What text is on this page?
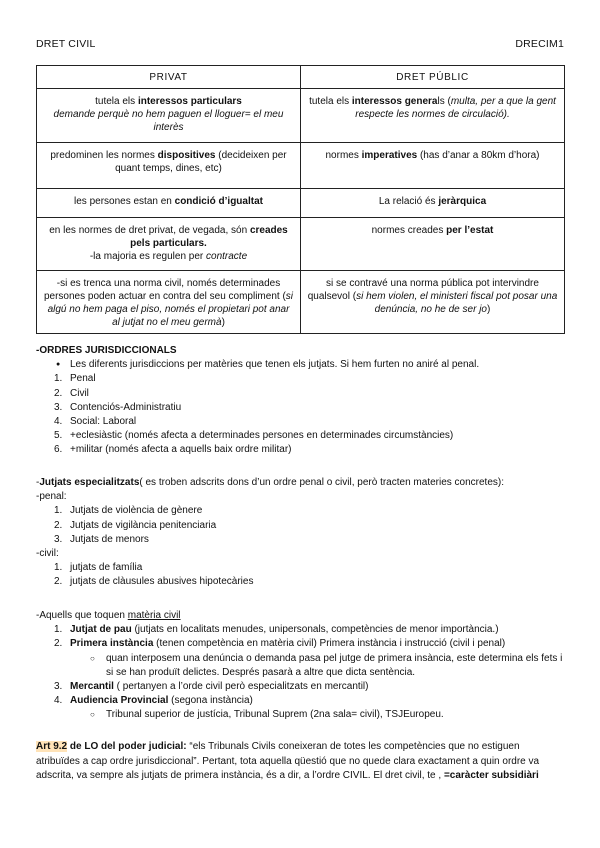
DRET CIVIL	DRECIM1
PRIVAT	DRET PÚBLIC
tutela els interessos particulars
demande perquè no hem paguen el lloguer= el meu interès	tutela els interessos generals (multa, per a que la gent respecte les normes de circulació).
predominen les normes dispositives (decideixen per quant temps, dines, etc)	normes imperatives (has d’anar a 80km d’hora)
les persones estan en condició d’igualtat	La relació és jeràrquica
en les normes de dret privat, de vegada, són creades pels particulars.
-la majoria es regulen per contracte	normes creades per l’estat
-si es trenca una norma civil, només determinades persones poden actuar en contra del seu compliment (si algú no hem paga el piso, només el propietari pot anar al jutjat no el meu germà)	si se contravé una norma pública pot intervindre qualsevol (si hem violen, el ministeri fiscal pot posar una denúncia, no he de ser jo)
-ORDRES JURISDICCIONALS
● Les diferents jurisdiccions per matèries que tenen els jutjats. Si hem furten no aniré al penal.
1. Penal
2. Civil
3. Contenciós-Administratiu
4. Social: Laboral
5. +eclesiàstic (només afecta a determinades persones en determinades circumstàncies)
6. +militar (només afecta a aquells baix ordre militar)
-Jutjats especialitzats( es troben adscrits dons d’un ordre penal o civil, però tracten materies concretes):
-penal:
1. Jutjats de violència de gènere
2. Jutjats de vigilància penitenciaria
3. Jutjats de menors
-civil:
1. jutjats de família
2. jutjats de clàusules abusives hipotecàries
-Aquells que toquen matèria civil
1. Jutjat de pau (jutjats en localitats menudes, unipersonals, competències de menor importància.)
2. Primera instància (tenen competència en matèria civil) Primera instància i instrucció (civil i penal)
○ quan interposem una denúncia o demanda pasa pel jutge de primera insància, este determina els fets i si se han produït delictes. Després pasarà a altre que dicta sentència.
3. Mercantil ( pertanyen a l’orde civil però especialitzats en mercantil)
4. Audiencia Provincial (segona instància)
○ Tribunal superior de justícia, Tribunal Suprem (2na sala= civil), TSJEuropeu.
Art 9.2 de LO del poder judicial: “els Tribunals Civils coneixeran de totes les competències que no estiguen atribuïdes a cap ordre jurisdiccional”. Pertant, tota aquella qüestió que no quede clara exactament a quin ordre va adscrita, va sempre als jutjats de primera instància, és a dir, a l’ordre CIVIL. El dret civil, te , =caràcter subsidiàri
